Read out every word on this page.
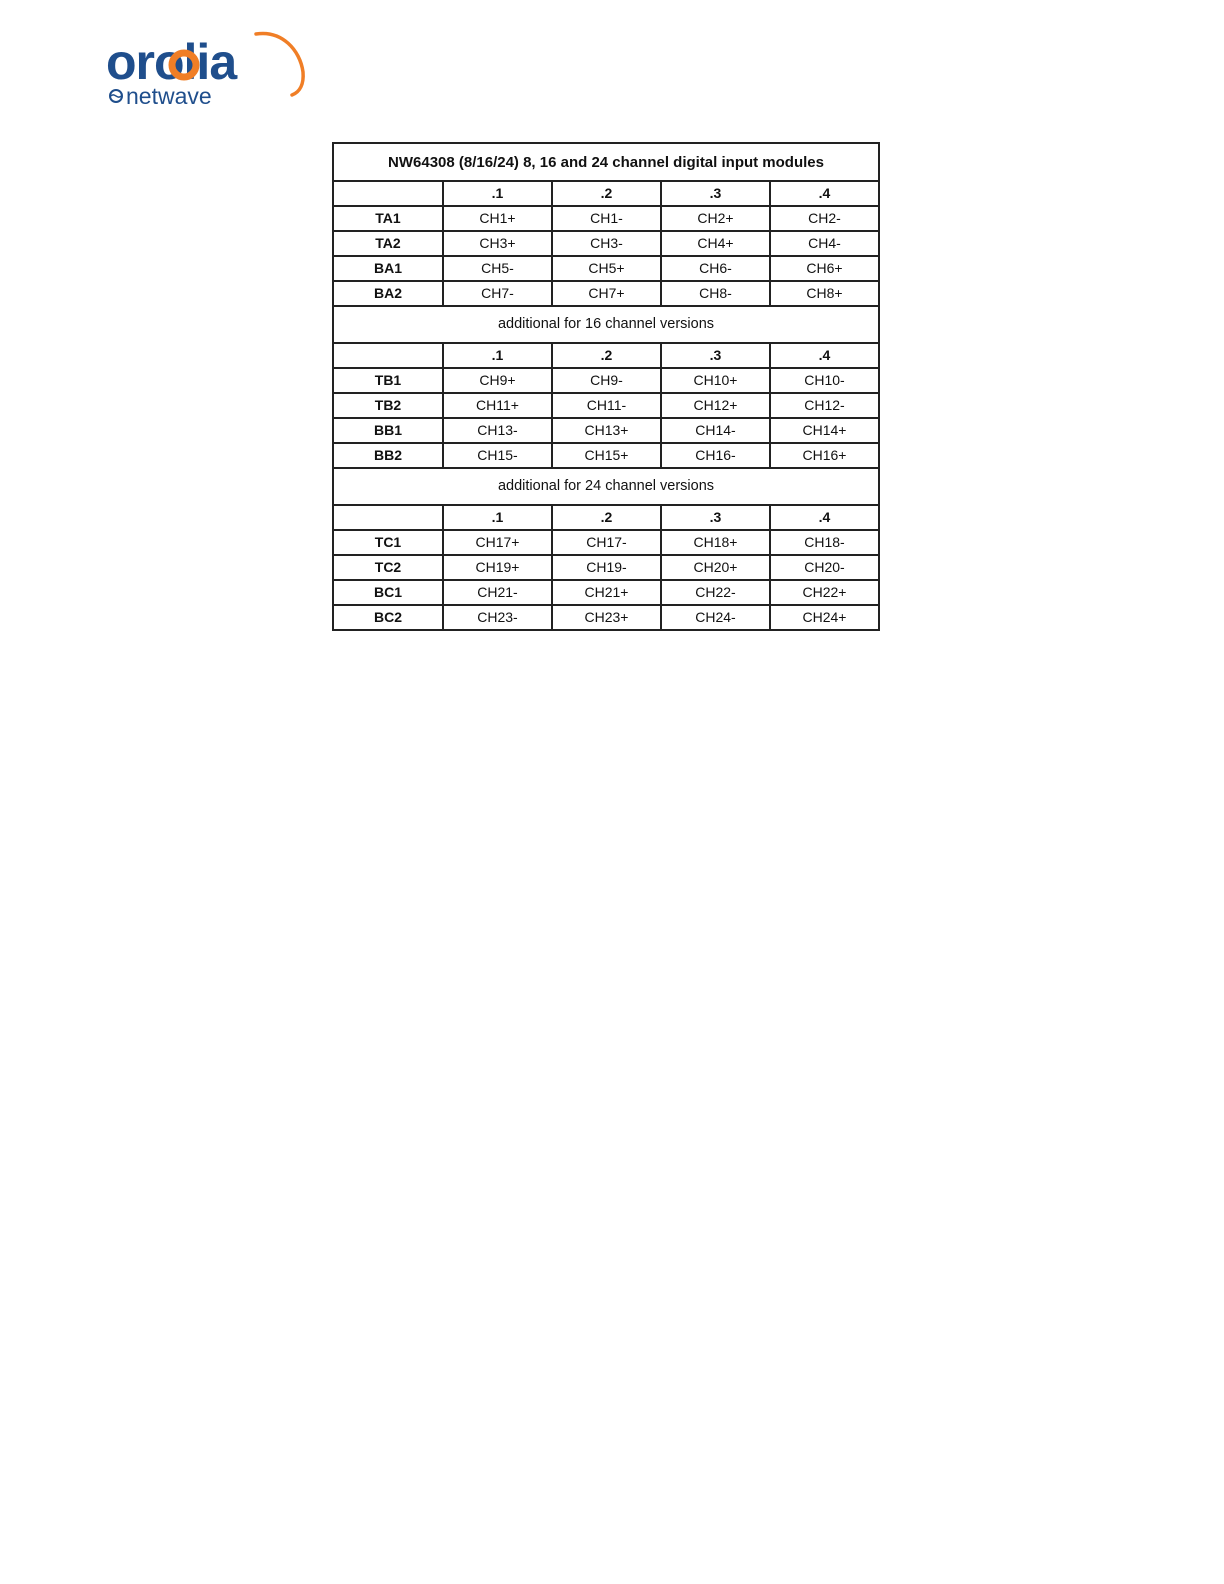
orolia
netwave
NW64308 (8/16/24) 8, 16 and 24 channel digital input modules				
	.1	.2	.3	.4
TA1	CH1+	CH1-	CH2+	CH2-
TA2	CH3+	CH3-	CH4+	CH4-
BA1	CH5-	CH5+	CH6-	CH6+
BA2	CH7-	CH7+	CH8-	CH8+
additional for 16 channel versions				
	.1	.2	.3	.4
TB1	CH9+	CH9-	CH10+	CH10-
TB2	CH11+	CH11-	CH12+	CH12-
BB1	CH13-	CH13+	CH14-	CH14+
BB2	CH15-	CH15+	CH16-	CH16+
additional for 24 channel versions				
	.1	.2	.3	.4
TC1	CH17+	CH17-	CH18+	CH18-
TC2	CH19+	CH19-	CH20+	CH20-
BC1	CH21-	CH21+	CH22-	CH22+
BC2	CH23-	CH23+	CH24-	CH24+
